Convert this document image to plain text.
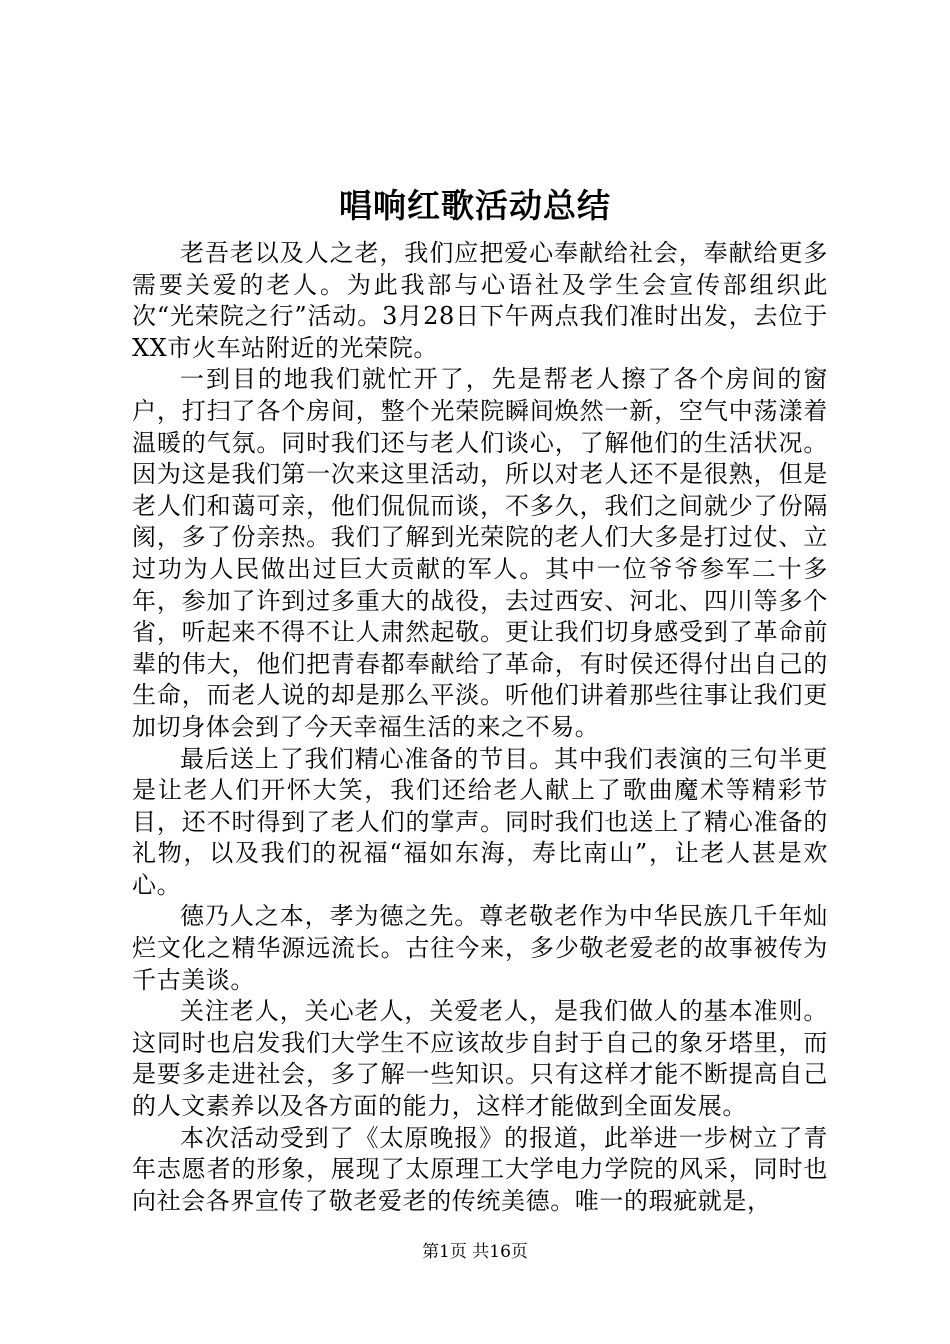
唱响红歌活动总结

老吾老以及人之老，我们应把爱心奉献给社会，奉献给更多需要关爱的老人。为此我部与心语社及学生会宣传部组织此次“光荣院之行”活动。3月28日下午两点我们准时出发，去位于XX市火车站附近的光荣院。

一到目的地我们就忙开了，先是帮老人擦了各个房间的窗户，打扫了各个房间，整个光荣院瞬间焕然一新，空气中荡漾着温暖的气氛。同时我们还与老人们谈心，了解他们的生活状况。因为这是我们第一次来这里活动，所以对老人还不是很熟，但是老人们和蔼可亲，他们侃侃而谈，不多久，我们之间就少了份隔阂，多了份亲热。我们了解到光荣院的老人们大多是打过仗、立过功为人民做出过巨大贡献的军人。其中一位爷爷参军二十多年，参加了许到过多重大的战役，去过西安、河北、四川等多个省，听起来不得不让人肃然起敬。更让我们切身感受到了革命前辈的伟大，他们把青春都奉献给了革命，有时侯还得付出自己的生命，而老人说的却是那么平淡。听他们讲着那些往事让我们更加切身体会到了今天幸福生活的来之不易。

最后送上了我们精心准备的节目。其中我们表演的三句半更是让老人们开怀大笑，我们还给老人献上了歌曲魔术等精彩节目，还不时得到了老人们的掌声。同时我们也送上了精心准备的礼物，以及我们的祝福“福如东海，寿比南山”，让老人甚是欢心。

德乃人之本，孝为德之先。尊老敬老作为中华民族几千年灿烂文化之精华源远流长。古往今来，多少敬老爱老的故事被传为千古美谈。

关注老人，关心老人，关爱老人，是我们做人的基本准则。这同时也启发我们大学生不应该故步自封于自己的象牙塔里，而是要多走进社会，多了解一些知识。只有这样才能不断提高自己的人文素养以及各方面的能力，这样才能做到全面发展。

本次活动受到了《太原晚报》的报道，此举进一步树立了青年志愿者的形象，展现了太原理工大学电力学院的风采，同时也向社会各界宣传了敬老爱老的传统美德。唯一的瑕疵就是，

第1页 共16页
